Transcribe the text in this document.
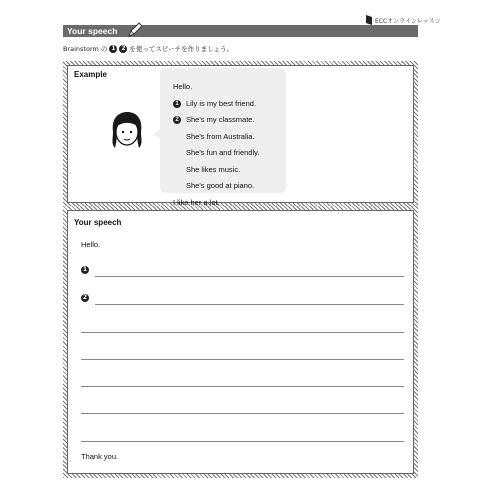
ECCオンラインレッスン
Your speech
Brainstorm の 1 2 を使ってスピーチを作りましょう。
Example
Hello.
1 Lily is my best friend.
2 She's my classmate.
She's from Australia.
She's fun and friendly.
She likes music.
She's good at piano.
I like her a lot.
Your speech
Hello.
1
2
Thank you.
